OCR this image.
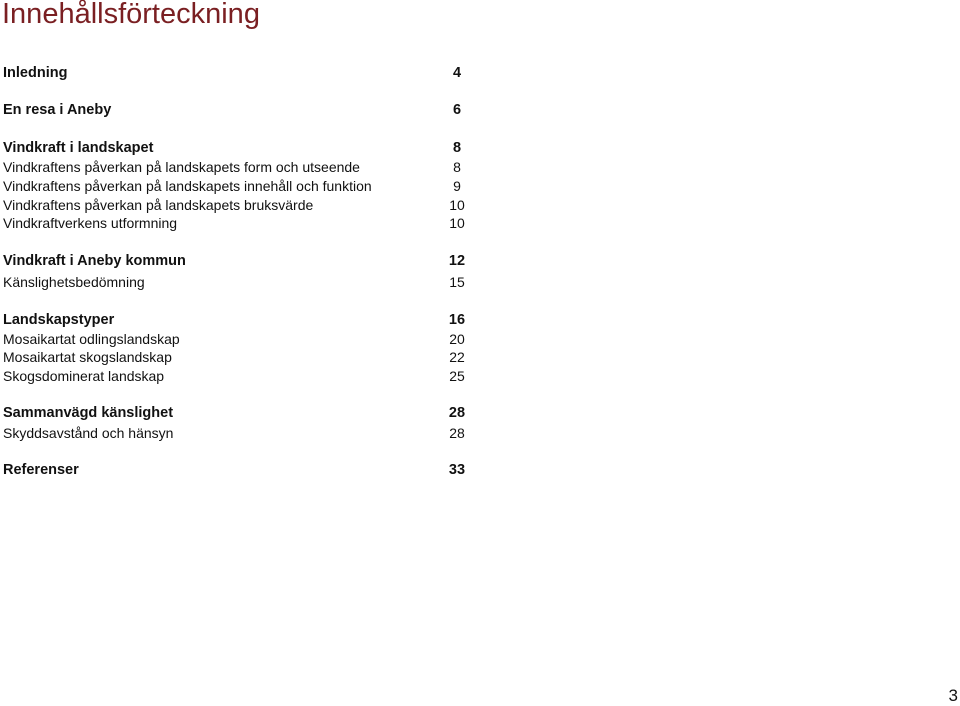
Innehållsförteckning
Inledning	4
En resa i Aneby	6
Vindkraft i landskapet	8
Vindkraftens påverkan på landskapets form och utseende	8
Vindkraftens påverkan på landskapets innehåll och funktion	9
Vindkraftens påverkan på landskapets bruksvärde	10
Vindkraftverkens utformning	10
Vindkraft i Aneby kommun	12
Känslighetsbedömning	15
Landskapstyper	16
Mosaikartat odlingslandskap	20
Mosaikartat skogslandskap	22
Skogsdominerat landskap	25
Sammanvägd känslighet	28
Skyddsavstånd och hänsyn	28
Referenser	33
3
